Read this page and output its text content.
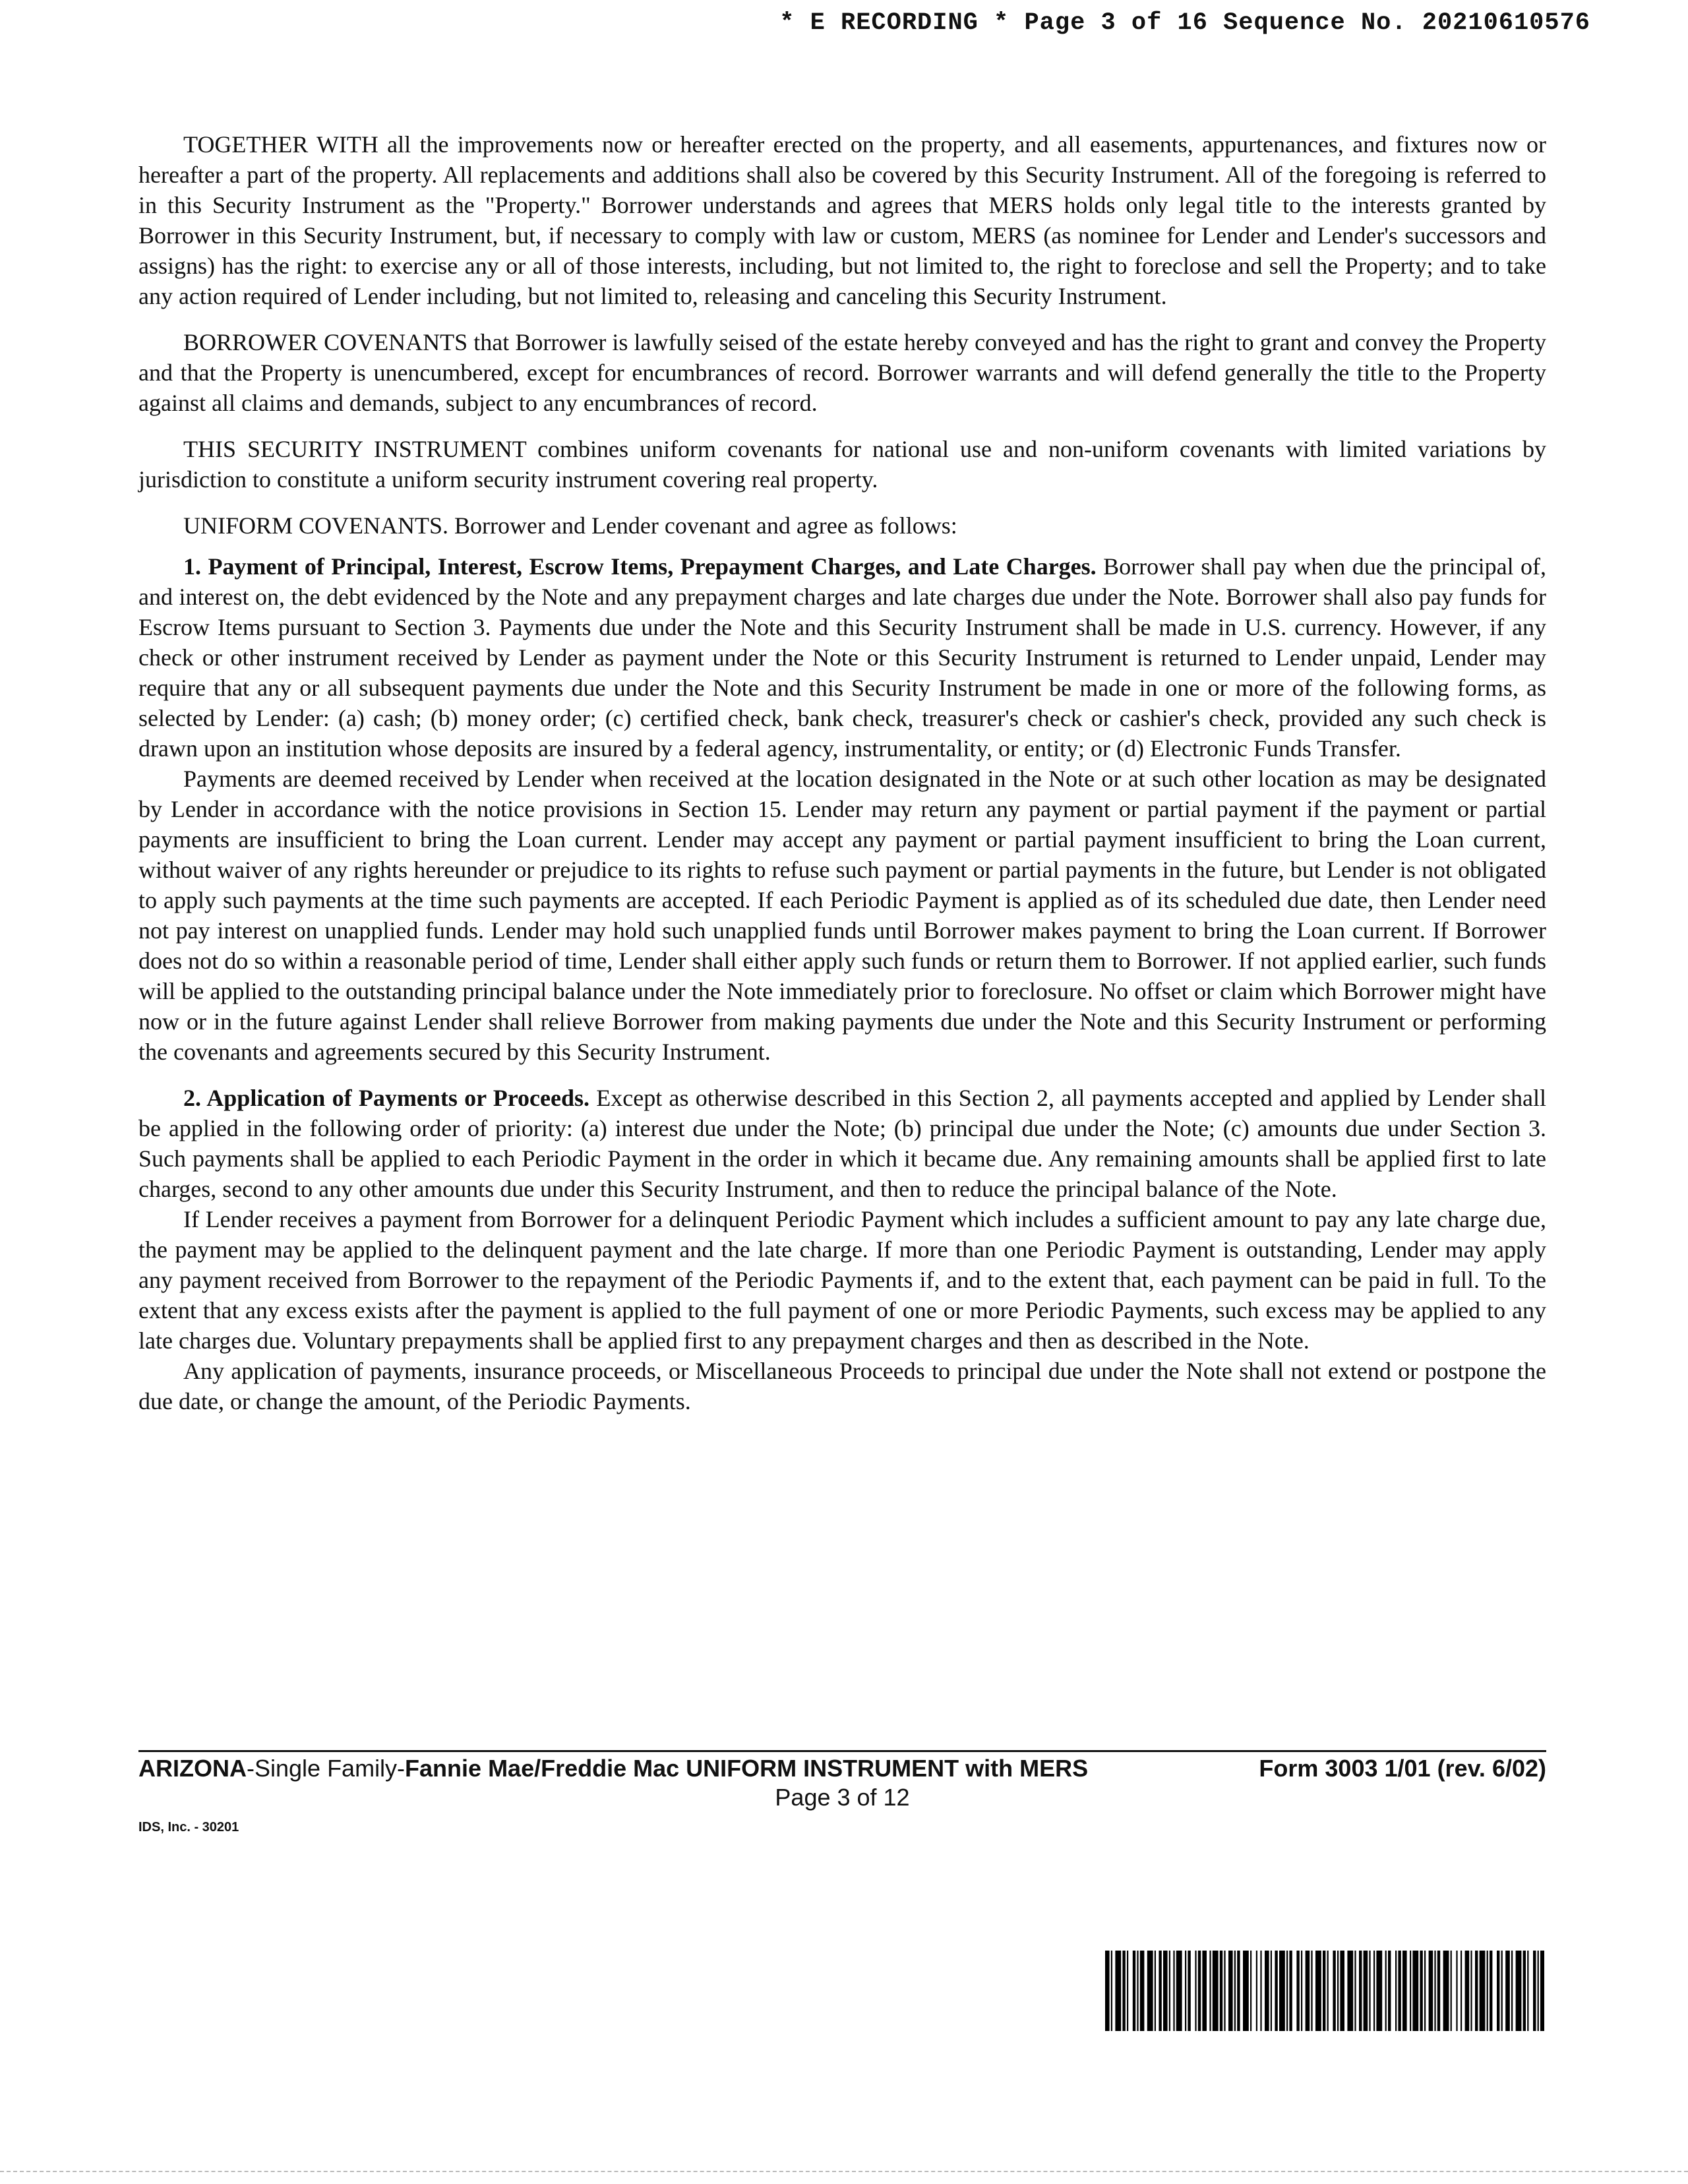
* E RECORDING * Page 3 of 16 Sequence No. 20210610576

TOGETHER WITH all the improvements now or hereafter erected on the property, and all easements, appurtenances, and fixtures now or hereafter a part of the property. All replacements and additions shall also be covered by this Security Instrument. All of the foregoing is referred to in this Security Instrument as the "Property." Borrower understands and agrees that MERS holds only legal title to the interests granted by Borrower in this Security Instrument, but, if necessary to comply with law or custom, MERS (as nominee for Lender and Lender's successors and assigns) has the right: to exercise any or all of those interests, including, but not limited to, the right to foreclose and sell the Property; and to take any action required of Lender including, but not limited to, releasing and canceling this Security Instrument.

BORROWER COVENANTS that Borrower is lawfully seised of the estate hereby conveyed and has the right to grant and convey the Property and that the Property is unencumbered, except for encumbrances of record. Borrower warrants and will defend generally the title to the Property against all claims and demands, subject to any encumbrances of record.

THIS SECURITY INSTRUMENT combines uniform covenants for national use and non-uniform covenants with limited variations by jurisdiction to constitute a uniform security instrument covering real property.

UNIFORM COVENANTS. Borrower and Lender covenant and agree as follows:

1. Payment of Principal, Interest, Escrow Items, Prepayment Charges, and Late Charges. Borrower shall pay when due the principal of, and interest on, the debt evidenced by the Note and any prepayment charges and late charges due under the Note. Borrower shall also pay funds for Escrow Items pursuant to Section 3. Payments due under the Note and this Security Instrument shall be made in U.S. currency. However, if any check or other instrument received by Lender as payment under the Note or this Security Instrument is returned to Lender unpaid, Lender may require that any or all subsequent payments due under the Note and this Security Instrument be made in one or more of the following forms, as selected by Lender: (a) cash; (b) money order; (c) certified check, bank check, treasurer's check or cashier's check, provided any such check is drawn upon an institution whose deposits are insured by a federal agency, instrumentality, or entity; or (d) Electronic Funds Transfer.

Payments are deemed received by Lender when received at the location designated in the Note or at such other location as may be designated by Lender in accordance with the notice provisions in Section 15. Lender may return any payment or partial payment if the payment or partial payments are insufficient to bring the Loan current. Lender may accept any payment or partial payment insufficient to bring the Loan current, without waiver of any rights hereunder or prejudice to its rights to refuse such payment or partial payments in the future, but Lender is not obligated to apply such payments at the time such payments are accepted. If each Periodic Payment is applied as of its scheduled due date, then Lender need not pay interest on unapplied funds. Lender may hold such unapplied funds until Borrower makes payment to bring the Loan current. If Borrower does not do so within a reasonable period of time, Lender shall either apply such funds or return them to Borrower. If not applied earlier, such funds will be applied to the outstanding principal balance under the Note immediately prior to foreclosure. No offset or claim which Borrower might have now or in the future against Lender shall relieve Borrower from making payments due under the Note and this Security Instrument or performing the covenants and agreements secured by this Security Instrument.

2. Application of Payments or Proceeds. Except as otherwise described in this Section 2, all payments accepted and applied by Lender shall be applied in the following order of priority: (a) interest due under the Note; (b) principal due under the Note; (c) amounts due under Section 3. Such payments shall be applied to each Periodic Payment in the order in which it became due. Any remaining amounts shall be applied first to late charges, second to any other amounts due under this Security Instrument, and then to reduce the principal balance of the Note.

If Lender receives a payment from Borrower for a delinquent Periodic Payment which includes a sufficient amount to pay any late charge due, the payment may be applied to the delinquent payment and the late charge. If more than one Periodic Payment is outstanding, Lender may apply any payment received from Borrower to the repayment of the Periodic Payments if, and to the extent that, each payment can be paid in full. To the extent that any excess exists after the payment is applied to the full payment of one or more Periodic Payments, such excess may be applied to any late charges due. Voluntary prepayments shall be applied first to any prepayment charges and then as described in the Note.

Any application of payments, insurance proceeds, or Miscellaneous Proceeds to principal due under the Note shall not extend or postpone the due date, or change the amount, of the Periodic Payments.

ARIZONA-Single Family-Fannie Mae/Freddie Mac UNIFORM INSTRUMENT with MERS	Form 3003 1/01 (rev. 6/02)
Page 3 of 12
IDS, Inc. - 30201
